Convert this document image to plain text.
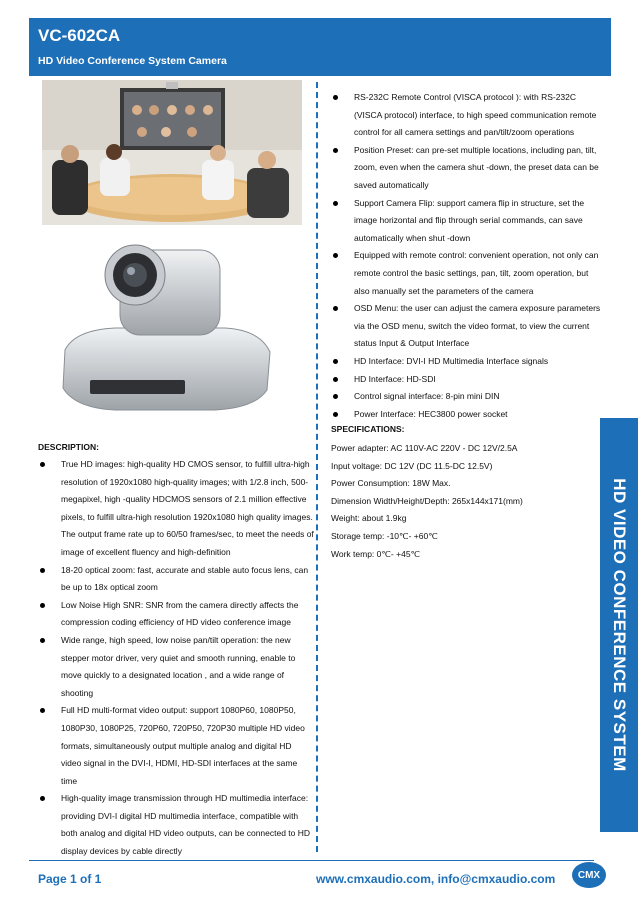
VC-602CA
HD Video Conference System Camera
RS-232C Remote Control (VISCA protocol ): with RS-232C (VISCA protocol) interface, to high speed communication remote control for all camera settings and pan/tilt/zoom operations
Position Preset: can pre-set multiple locations, including pan, tilt, zoom, even when the camera shut -down, the preset data can be saved automatically
Support Camera Flip: support camera flip in structure, set the image horizontal and flip through serial commands, can save automatically when shut -down
Equipped with remote control: convenient operation, not only can remote control the basic settings, pan, tilt, zoom operation, but also manually set the parameters of the camera
OSD Menu: the user can adjust the camera exposure parameters via the OSD menu, switch the video format, to view the current status Input & Output Interface
HD Interface: DVI-I HD Multimedia Interface signals
HD Interface: HD-SDI
Control signal interface: 8-pin mini DIN
Power Interface: HEC3800 power socket
DESCRIPTION:
True HD images: high-quality HD CMOS sensor, to fulfill ultra-high resolution of 1920x1080 high-quality images; with 1/2.8 inch, 500-megapixel, high -quality HDCMOS sensors of 2.1 million effective pixels, to fulfill ultra-high resolution 1920x1080 high quality images. The output frame rate up to 60/50 frames/sec, to meet the needs of image of excellent fluency and high-definition
18-20 optical zoom: fast, accurate and stable auto focus lens, can be up to 18x optical zoom
Low Noise High SNR: SNR from the camera directly affects the compression coding efficiency of HD video conference image
Wide range, high speed, low noise pan/tilt operation: the new stepper motor driver, very quiet and smooth running, enable to move quickly to a designated location , and a wide range of shooting
Full HD multi-format video output: support 1080P60, 1080P50, 1080P30, 1080P25, 720P60, 720P50, 720P30 multiple HD video formats, simultaneously output multiple analog and digital HD video signal in the DVI-I, HDMI, HD-SDI interfaces at the same time
High-quality image transmission through HD multimedia interface: providing DVI-I digital HD multimedia interface, compatible with both analog and digital HD video outputs, can be connected to HD display devices by cable directly
SPECIFICATIONS:
Power adapter: AC 110V-AC 220V - DC 12V/2.5A
Input voltage: DC 12V (DC 11.5-DC 12.5V)
Power Consumption: 18W Max.
Dimension Width/Height/Depth: 265x144x171(mm)
Weight: about 1.9kg
Storage temp: -10℃- +60℃
Work temp: 0℃- +45℃	HD VIDEO CONFERENCE SYSTEM
Page 1 of 1	www.cmxaudio.com, info@cmxaudio.com	CMX
